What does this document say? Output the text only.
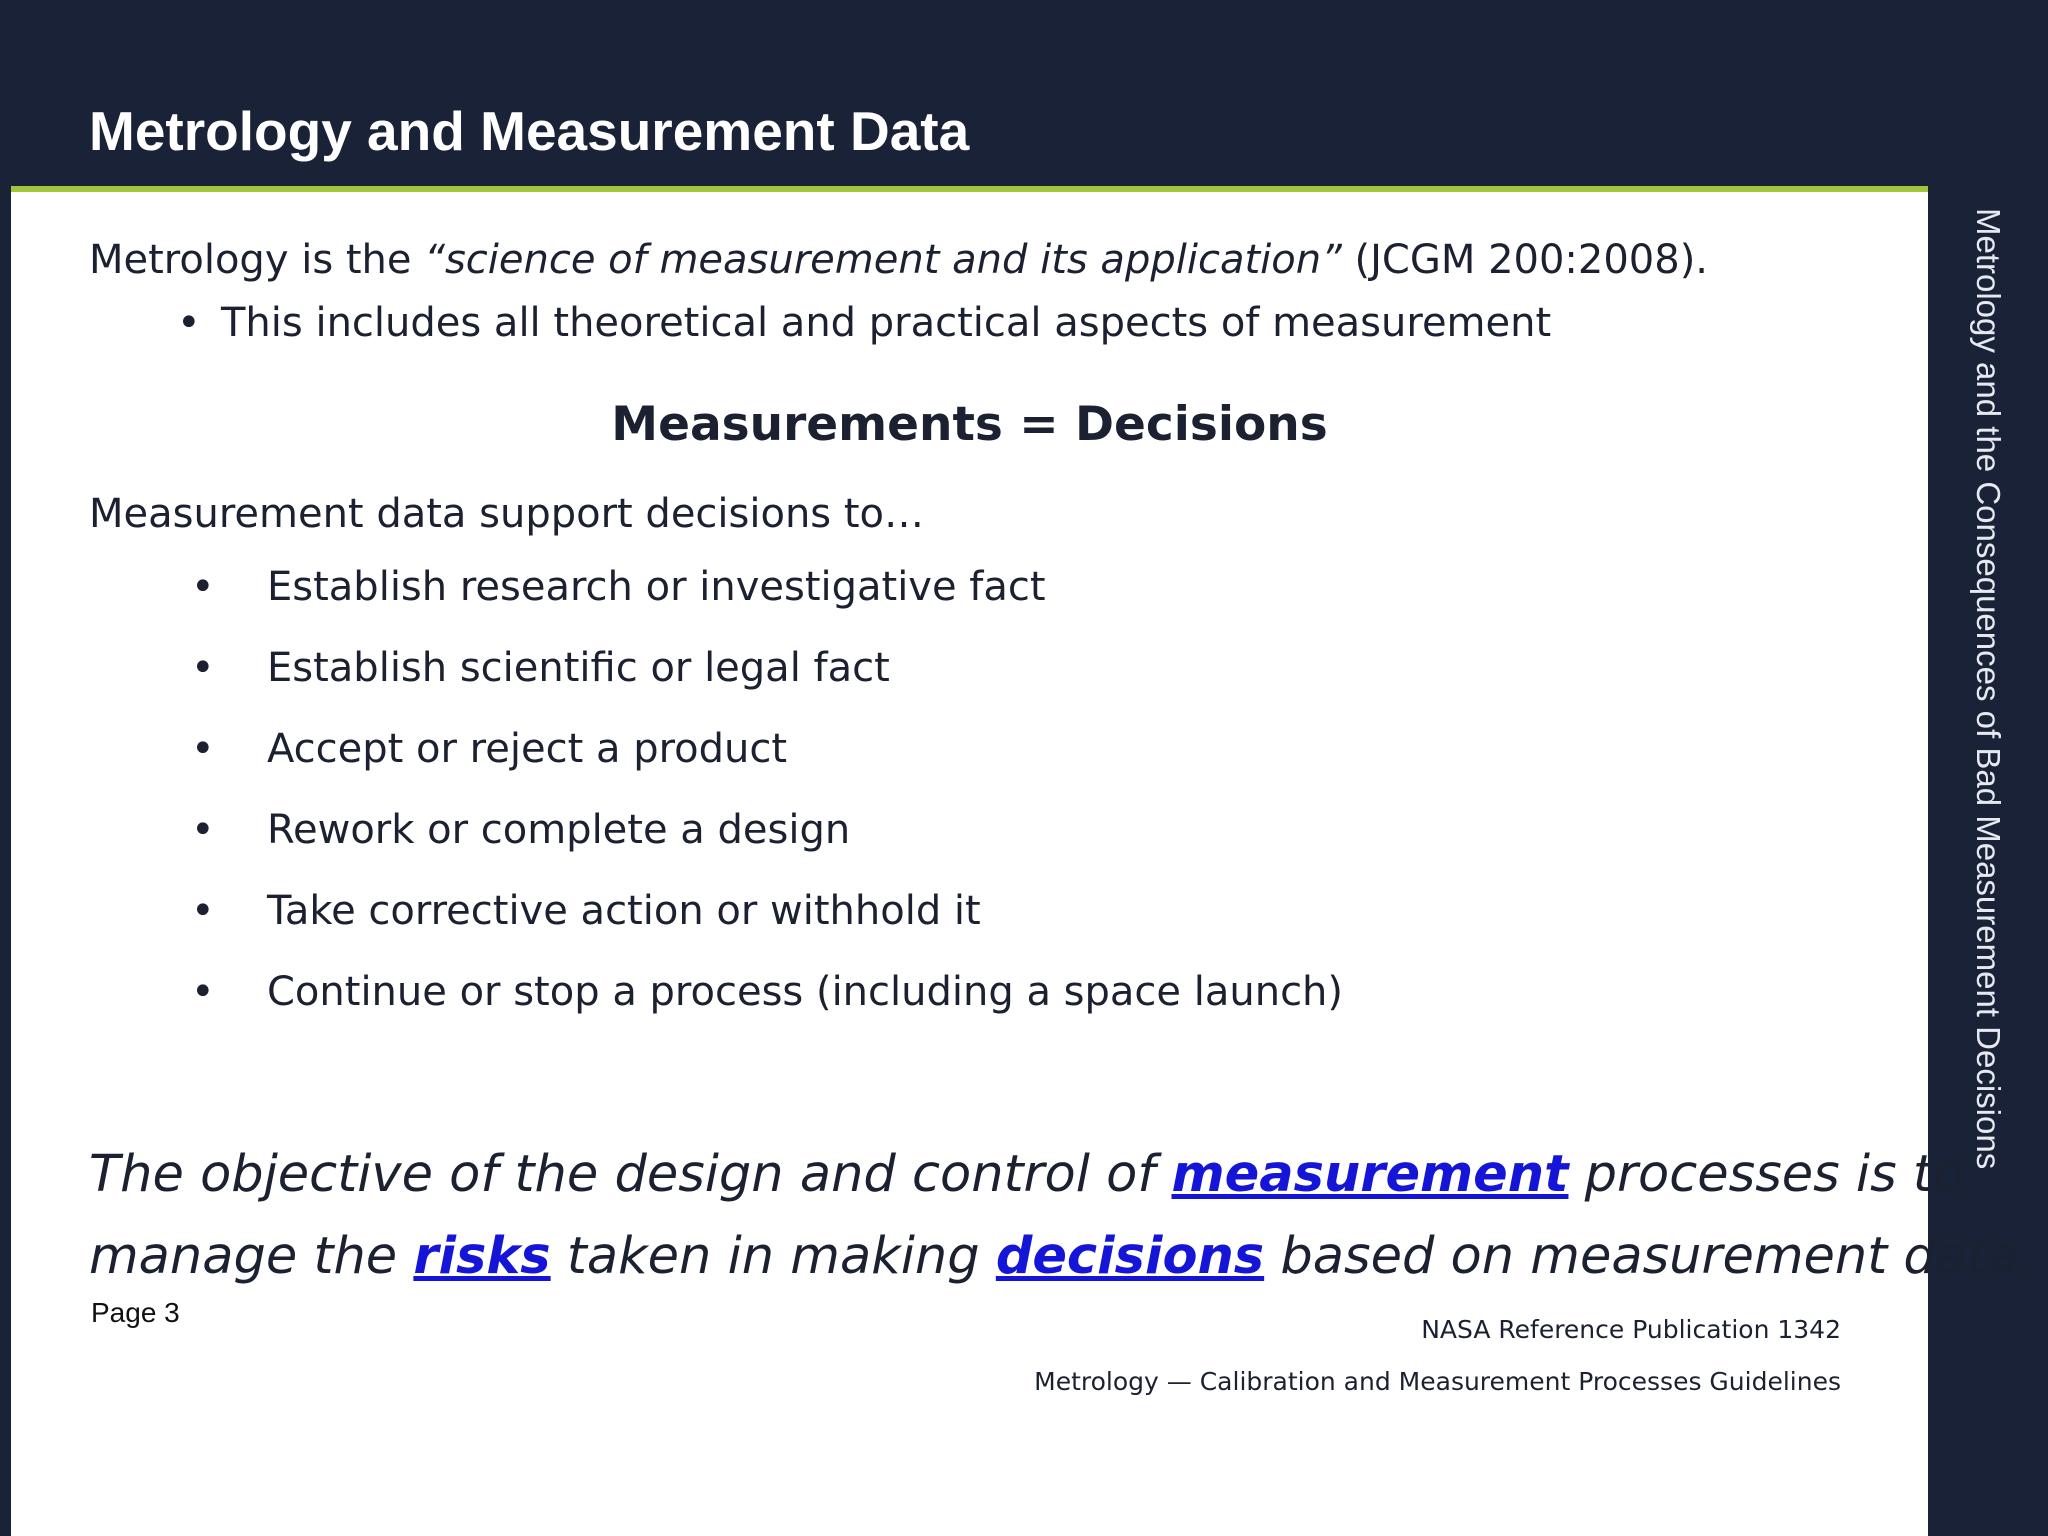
Metrology and Measurement Data
Metrology and the Consequences of Bad Measurement Decisions
Metrology is the “science of measurement and its application” (JCGM 200:2008).
• This includes all theoretical and practical aspects of measurement
Measurements = Decisions
Measurement data support decisions to…
• Establish research or investigative fact
• Establish scientific or legal fact
• Accept or reject a product
• Rework or complete a design
• Take corrective action or withhold it
• Continue or stop a process (including a space launch)
The objective of the design and control of measurement processes is to
manage the risks taken in making decisions based on measurement data.
NASA Reference Publication 1342
Metrology — Calibration and Measurement Processes Guidelines
Page 3
